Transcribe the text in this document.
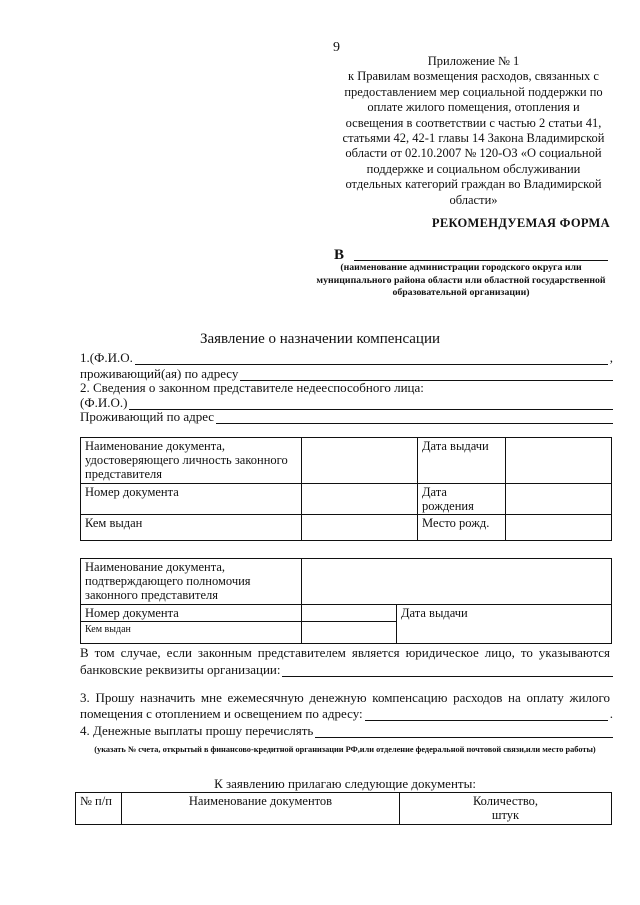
9
Приложение № 1
к Правилам возмещения расходов, связанных с
предоставлением мер социальной поддержки по
оплате жилого помещения, отопления и
освещения в соответствии с частью 2 статьи 41,
статьями 42, 42-1 главы 14 Закона Владимирской
области от 02.10.2007 № 120-ОЗ «О социальной
поддержке и социальном обслуживании
отдельных категорий граждан во Владимирской
области»
РЕКОМЕНДУЕМАЯ ФОРМА
В
(наименование администрации городского округа или
муниципального района области или областной государственной
образовательной организации)
Заявление о назначении компенсации
1.(Ф.И.О.	,
проживающий(ая) по адресу
2. Сведения о законном представителе недееспособного лица:
(Ф.И.О.)
Проживающий по адрес
Наименование документа, удостоверяющего личность законного представителя		Дата выдачи	
Номер документа		Дата рождения	
Кем выдан		Место рожд.	
Наименование документа, подтверждающего полномочия законного представителя		
Номер документа		Дата выдачи
Кем выдан		
В том случае, если законным представителем является юридическое лицо, то указываются
банковские реквизиты организации:
3. Прошу назначить мне ежемесячную денежную компенсацию расходов на оплату жилого
помещения с отоплением и освещением по адресу:	.
4. Денежные выплаты прошу перечислять
(указать № счета, открытый в финансово-кредитной организации РФ,или отделение федеральной почтовой связи,или место работы)
К заявлению прилагаю следующие документы:
№ п/п	Наименование документов	Количество,
штук
